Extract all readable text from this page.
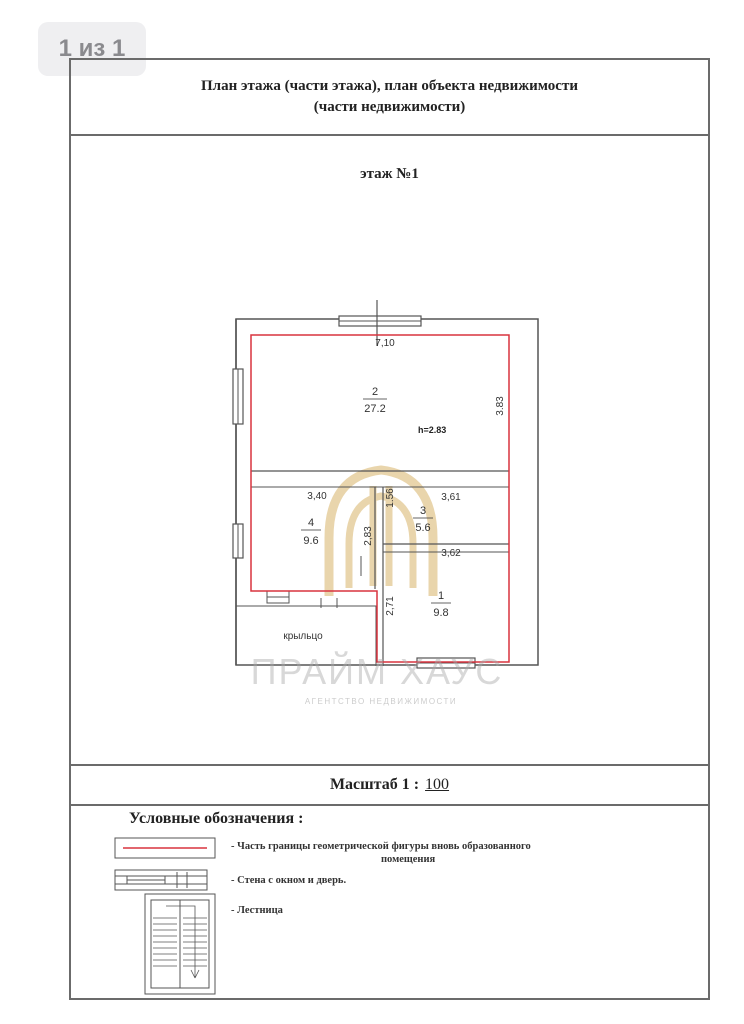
1 из 1
План этажа (части этажа), план объекта недвижимости
(части недвижимости)
этаж №1
7,10
3.83
3,40	1.56	3,61
2,83
3,62
2,71
h=2.83
2
27.2
4
9.6
3
5.6
1
9.8
крыльцо
ПРАЙМ ХАУС
АГЕНТСТВО НЕДВИЖИМОСТИ
Масштаб 1 : 100
Условные обозначения :
- Часть границы геометрической фигуры вновь образованного
помещения
- Стена с окном и дверь.
- Лестница
